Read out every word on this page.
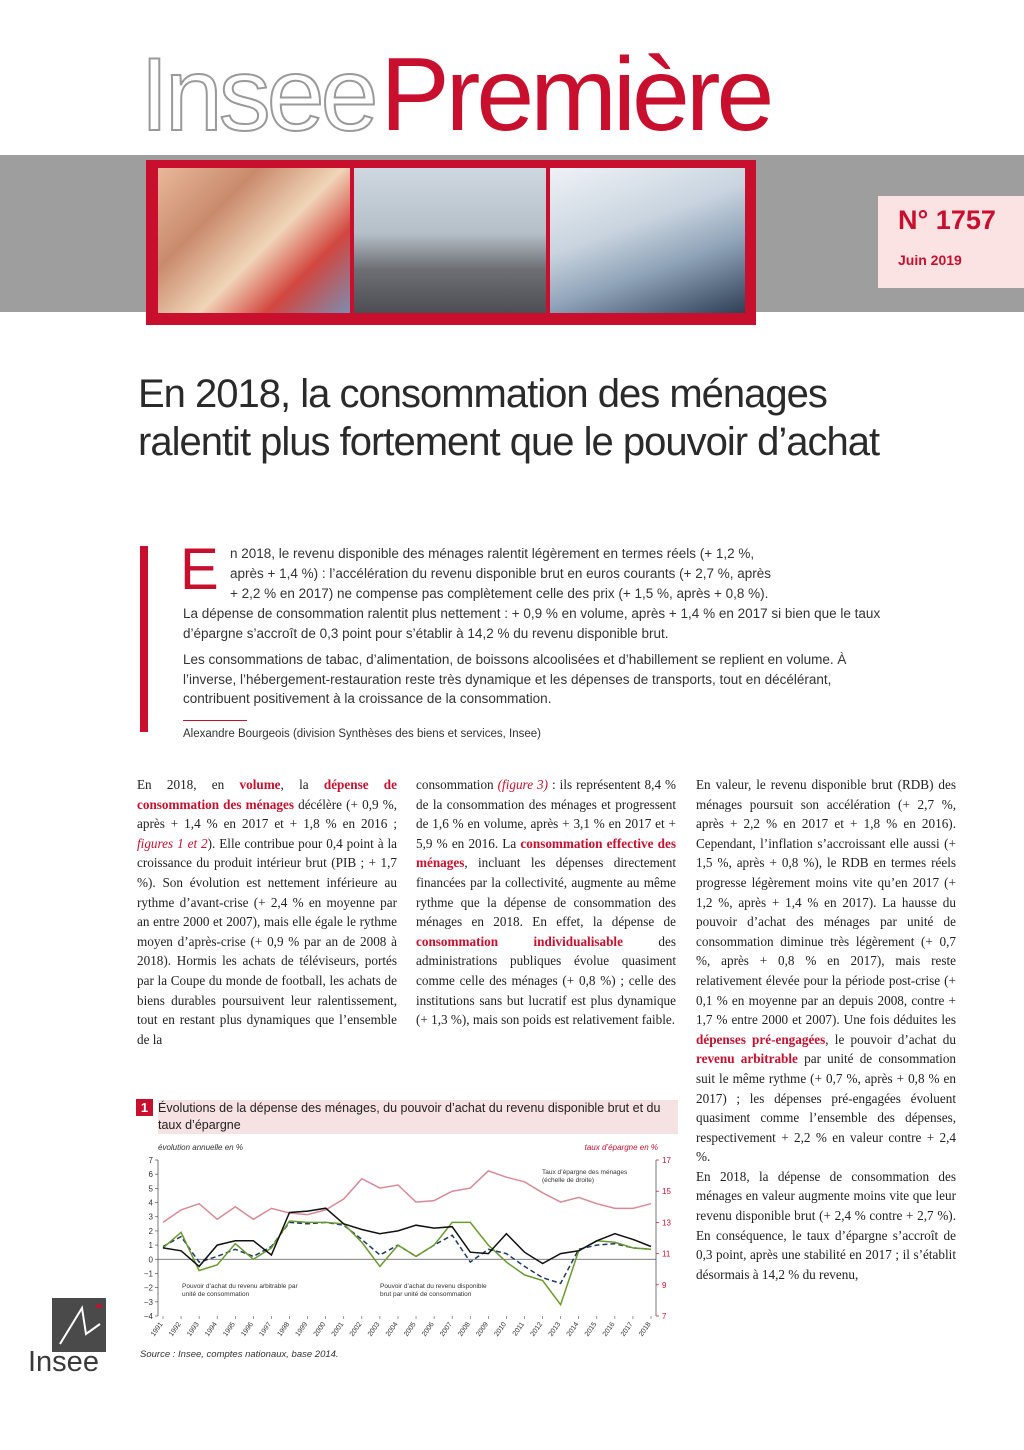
InseePremière
N° 1757
Juin 2019
En 2018, la consommation des ménages ralentit plus fortement que le pouvoir d’achat
E n 2018, le revenu disponible des ménages ralentit légèrement en termes réels (+ 1,2 %,
après + 1,4 %) : l’accélération du revenu disponible brut en euros courants (+ 2,7 %, après
+ 2,2 % en 2017) ne compense pas complètement celle des prix (+ 1,5 %, après + 0,8 %).
La dépense de consommation ralentit plus nettement : + 0,9 % en volume, après + 1,4 % en 2017 si bien que le taux d’épargne s’accroît de 0,3 point pour s’établir à 14,2 % du revenu disponible brut.
Les consommations de tabac, d’alimentation, de boissons alcoolisées et d’habillement se replient en volume. À l’inverse, l’hébergement-restauration reste très dynamique et les dépenses de transports, tout en décélérant, contribuent positivement à la croissance de la consommation.
Alexandre Bourgeois (division Synthèses des biens et services, Insee)
En 2018, en volume, la dépense de consommation des ménages décélère (+ 0,9 %, après + 1,4 % en 2017 et + 1,8 % en 2016 ; figures 1 et 2). Elle contribue pour 0,4 point à la croissance du produit intérieur brut (PIB ; + 1,7 %). Son évolution est nettement inférieure au rythme d’avant-crise (+ 2,4 % en moyenne par an entre 2000 et 2007), mais elle égale le rythme moyen d’après-crise (+ 0,9 % par an de 2008 à 2018). Hormis les achats de téléviseurs, portés par la Coupe du monde de football, les achats de biens durables poursuivent leur ralentissement, tout en restant plus dynamiques que l’ensemble de la
consommation (figure 3) : ils représentent 8,4 % de la consommation des ménages et progressent de 1,6 % en volume, après + 3,1 % en 2017 et + 5,9 % en 2016. La consommation effective des ménages, incluant les dépenses directement financées par la collectivité, augmente au même rythme que la dépense de consommation des ménages en 2018. En effet, la dépense de consommation individualisable des administrations publiques évolue quasiment comme celle des ménages (+ 0,8 %) ; celle des institutions sans but lucratif est plus dynamique (+ 1,3 %), mais son poids est relativement faible.
En valeur, le revenu disponible brut (RDB) des ménages poursuit son accélération (+ 2,7 %, après + 2,2 % en 2017 et + 1,8 % en 2016). Cependant, l’inflation s’accroissant elle aussi (+ 1,5 %, après + 0,8 %), le RDB en termes réels progresse légèrement moins vite qu’en 2017 (+ 1,2 %, après + 1,4 % en 2017). La hausse du pouvoir d’achat des ménages par unité de consommation diminue très légèrement (+ 0,7 %, après + 0,8 % en 2017), mais reste relativement élevée pour la période post-crise (+ 0,1 % en moyenne par an depuis 2008, contre + 1,7 % entre 2000 et 2007). Une fois déduites les dépenses pré-engagées, le pouvoir d’achat du revenu arbitrable par unité de consommation suit le même rythme (+ 0,7 %, après + 0,8 % en 2017) ; les dépenses pré-engagées évoluent quasiment comme l’ensemble des dépenses, respectivement + 2,2 % en valeur contre + 2,4 %.
En 2018, la dépense de consommation des ménages en valeur augmente moins vite que leur revenu disponible brut (+ 2,4 % contre + 2,7 %). En conséquence, le taux d’épargne s’accroît de 0,3 point, après une stabilité en 2017 ; il s’établit désormais à 14,2 % du revenu,
1 Évolutions de la dépense des ménages, du pouvoir d’achat du revenu disponible brut et du taux d’épargne
évolution annuelle en %	taux d’épargne en %
7
6
5
4
3
2
1
0
−1
−2
−3
−4
17
15
13
11
9
7
1991 1992 1993 1994 1995 1996 1997 1998 1999 2000 2001 2002 2003 2004 2005 2006 2007 2008 2009 2010 2011 2012 2013 2014 2015 2016 2017 2018
Taux d’épargne des ménages (échelle de droite)
Pouvoir d’achat du revenu arbitrable par unité de consommation
Pouvoir d’achat du revenu disponible brut par unité de consommation
Source : Insee, comptes nationaux, base 2014.
Insee
